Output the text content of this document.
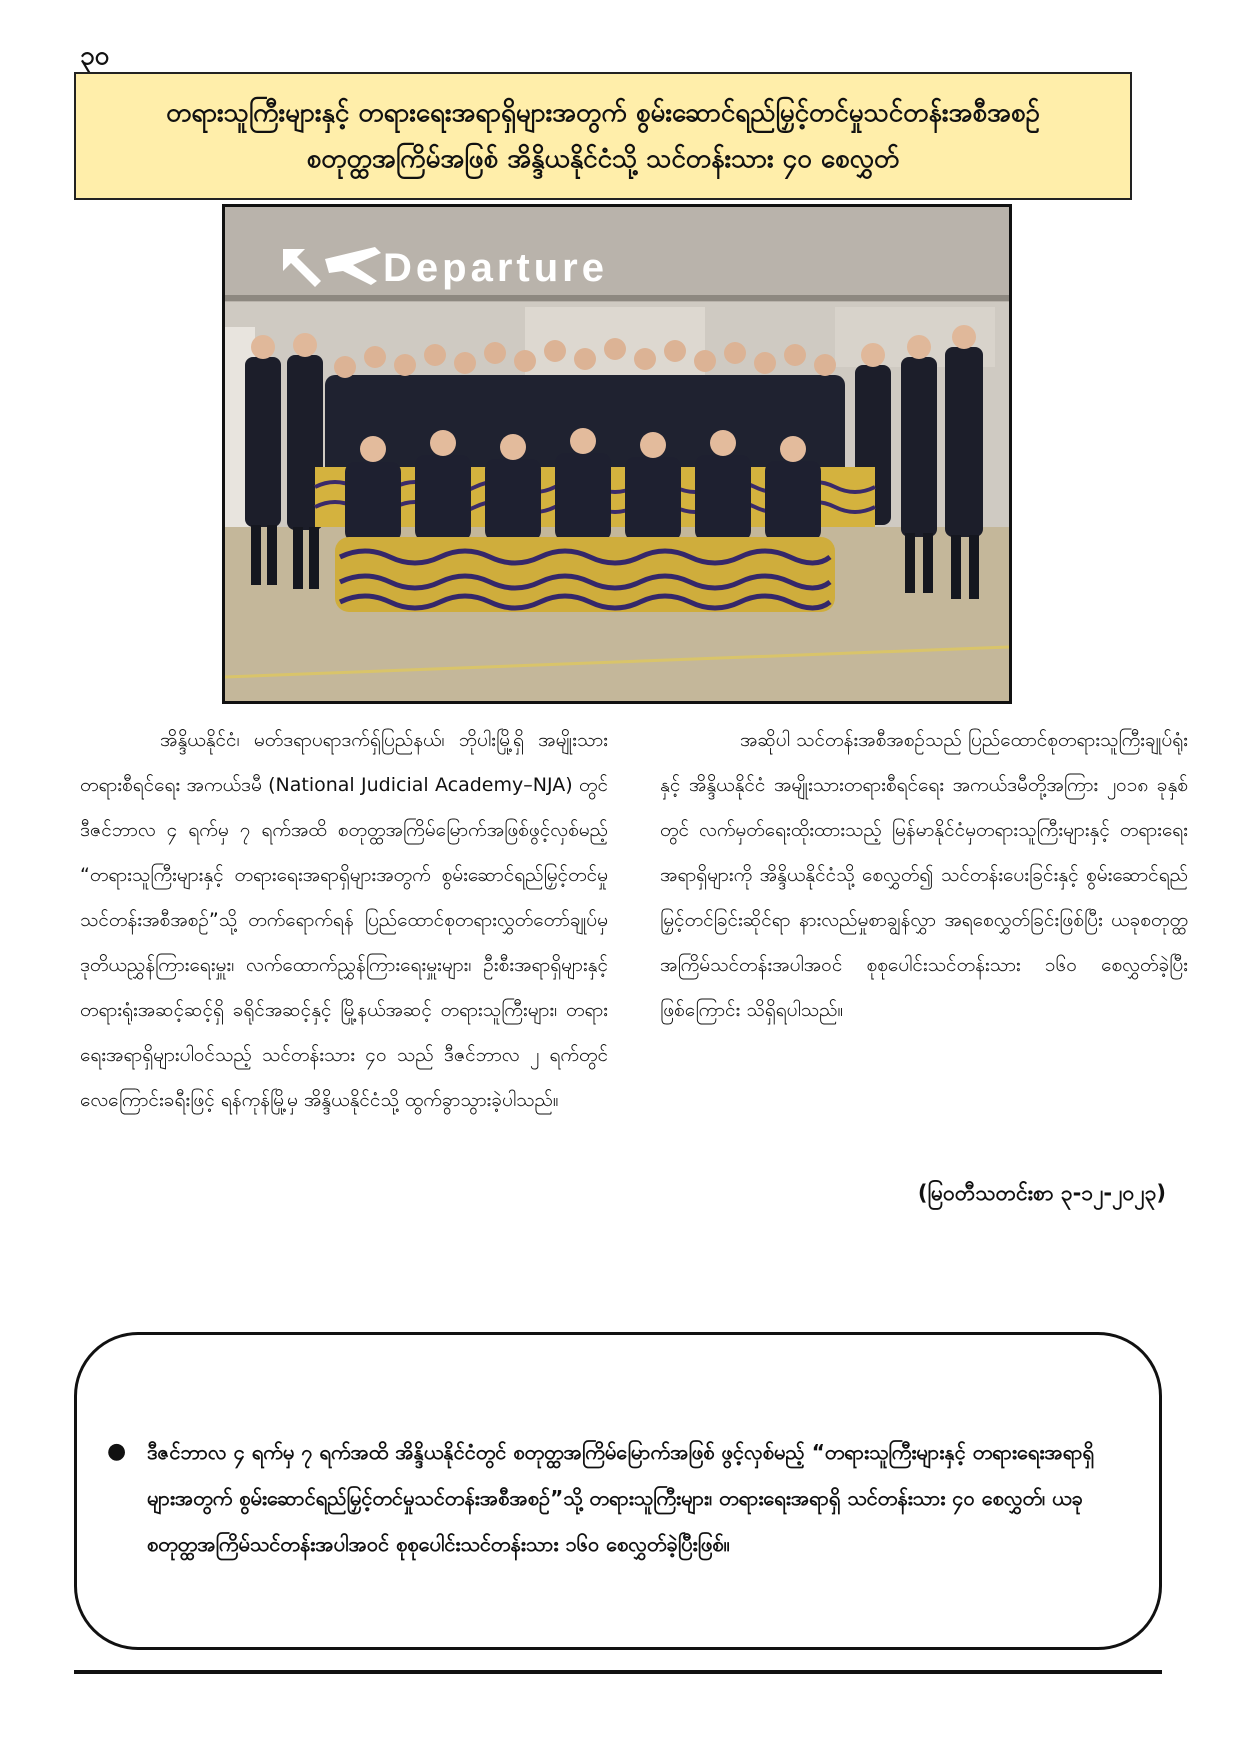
၃၀
တရားသူကြီးများနှင့် တရားရေးအရာရှိများအတွက် စွမ်းဆောင်ရည်မြှင့်တင်မှုသင်တန်းအစီအစဉ်
စတုတ္ထအကြိမ်အဖြစ် အိန္ဒိယနိုင်ငံသို့ သင်တန်းသား ၄၀ စေလွှတ်
Departure

အိန္ဒိယနိုင်ငံ၊ မတ်ဒရာပရာဒက်ရှ်ပြည်နယ်၊ ဘိုပါးမြို့ရှိ အမျိုးသားတရားစီရင်ရေး အကယ်ဒမီ (National Judicial Academy–NJA) တွင် ဒီဇင်ဘာလ ၄ ရက်မှ ၇ ရက်အထိ စတုတ္ထအကြိမ်မြောက်အဖြစ်ဖွင့်လှစ်မည့် “တရားသူကြီးများနှင့် တရားရေးအရာရှိများအတွက် စွမ်းဆောင်ရည်မြှင့်တင်မှု သင်တန်းအစီအစဉ်”သို့ တက်ရောက်ရန် ပြည်ထောင်စုတရားလွှတ်တော်ချုပ်မှ ဒုတိယညွှန်ကြားရေးမှူး၊ လက်ထောက်ညွှန်ကြားရေးမှူးများ၊ ဦးစီးအရာရှိများနှင့် တရားရုံးအဆင့်ဆင့်ရှိ ခရိုင်အဆင့်နှင့် မြို့နယ်အဆင့် တရားသူကြီးများ၊ တရားရေးအရာရှိများပါဝင်သည့် သင်တန်းသား ၄၀ သည် ဒီဇင်ဘာလ ၂ ရက်တွင် လေကြောင်းခရီးဖြင့် ရန်ကုန်မြို့မှ အိန္ဒိယနိုင်ငံသို့ ထွက်ခွာသွားခဲ့ပါသည်။

အဆိုပါ သင်တန်းအစီအစဉ်သည် ပြည်ထောင်စုတရားသူကြီးချုပ်ရုံးနှင့် အိန္ဒိယနိုင်ငံ အမျိုးသားတရားစီရင်ရေး အကယ်ဒမီတို့အကြား ၂၀၁၈ ခုနှစ်တွင် လက်မှတ်ရေးထိုးထားသည့် မြန်မာနိုင်ငံမှတရားသူကြီးများနှင့် တရားရေးအရာရှိများကို အိန္ဒိယနိုင်ငံသို့ စေလွှတ်၍ သင်တန်းပေးခြင်းနှင့် စွမ်းဆောင်ရည်မြှင့်တင်ခြင်းဆိုင်ရာ နားလည်မှုစာချွန်လွှာ အရစေလွှတ်ခြင်းဖြစ်ပြီး ယခုစတုတ္ထအကြိမ်သင်တန်းအပါအဝင် စုစုပေါင်းသင်တန်းသား ၁၆၀ စေလွှတ်ခဲ့ပြီးဖြစ်ကြောင်း သိရှိရပါသည်။

(မြဝတီသတင်းစာ ၃-၁၂-၂၀၂၃)
●	ဒီဇင်ဘာလ ၄ ရက်မှ ၇ ရက်အထိ အိန္ဒိယနိုင်ငံတွင် စတုတ္ထအကြိမ်မြောက်အဖြစ် ဖွင့်လှစ်မည့် “တရားသူကြီးများနှင့် တရားရေးအရာရှိများအတွက် စွမ်းဆောင်ရည်မြှင့်တင်မှုသင်တန်းအစီအစဉ်”သို့ တရားသူကြီးများ၊ တရားရေးအရာရှိ သင်တန်းသား ၄၀ စေလွှတ်၊ ယခုစတုတ္ထအကြိမ်သင်တန်းအပါအဝင် စုစုပေါင်းသင်တန်းသား ၁၆၀ စေလွှတ်ခဲ့ပြီးဖြစ်။
